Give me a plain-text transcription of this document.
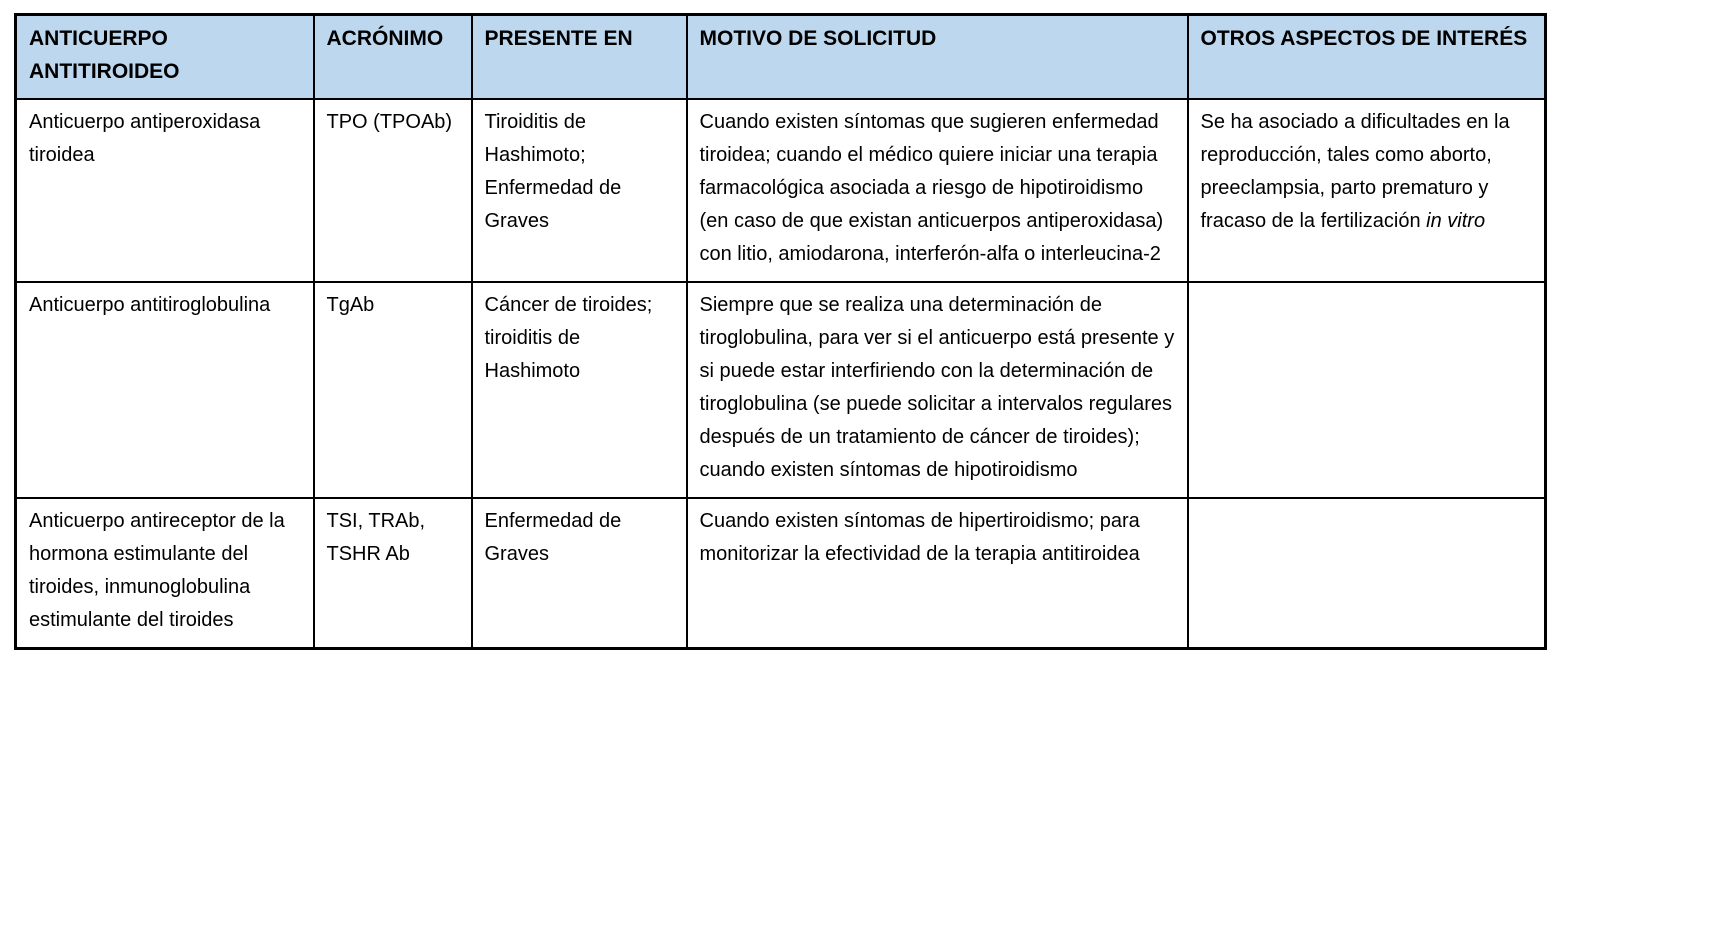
ANTICUERPO ANTITIROIDEO	ACRÓNIMO	PRESENTE EN	MOTIVO DE SOLICITUD	OTROS ASPECTOS DE INTERÉS
Anticuerpo antiperoxidasa tiroidea	TPO (TPOAb)	Tiroiditis de Hashimoto; Enfermedad de Graves	Cuando existen síntomas que sugieren enfermedad tiroidea; cuando el médico quiere iniciar una terapia farmacológica asociada a riesgo de hipotiroidismo (en caso de que existan anticuerpos antiperoxidasa) con litio, amiodarona, interferón-alfa o interleucina-2	Se ha asociado a dificultades en la reproducción, tales como aborto, preeclampsia, parto prematuro y fracaso de la fertilización in vitro
Anticuerpo antitiroglobulina	TgAb	Cáncer de tiroides; tiroiditis de Hashimoto	Siempre que se realiza una determinación de tiroglobulina, para ver si el anticuerpo está presente y si puede estar interfiriendo con la determinación de tiroglobulina (se puede solicitar a intervalos regulares después de un tratamiento de cáncer de tiroides); cuando existen síntomas de hipotiroidismo	
Anticuerpo antireceptor de la hormona estimulante del tiroides, inmunoglobulina estimulante del tiroides	TSI, TRAb, TSHR Ab	Enfermedad de Graves	Cuando existen síntomas de hipertiroidismo; para monitorizar la efectividad de la terapia antitiroidea	
